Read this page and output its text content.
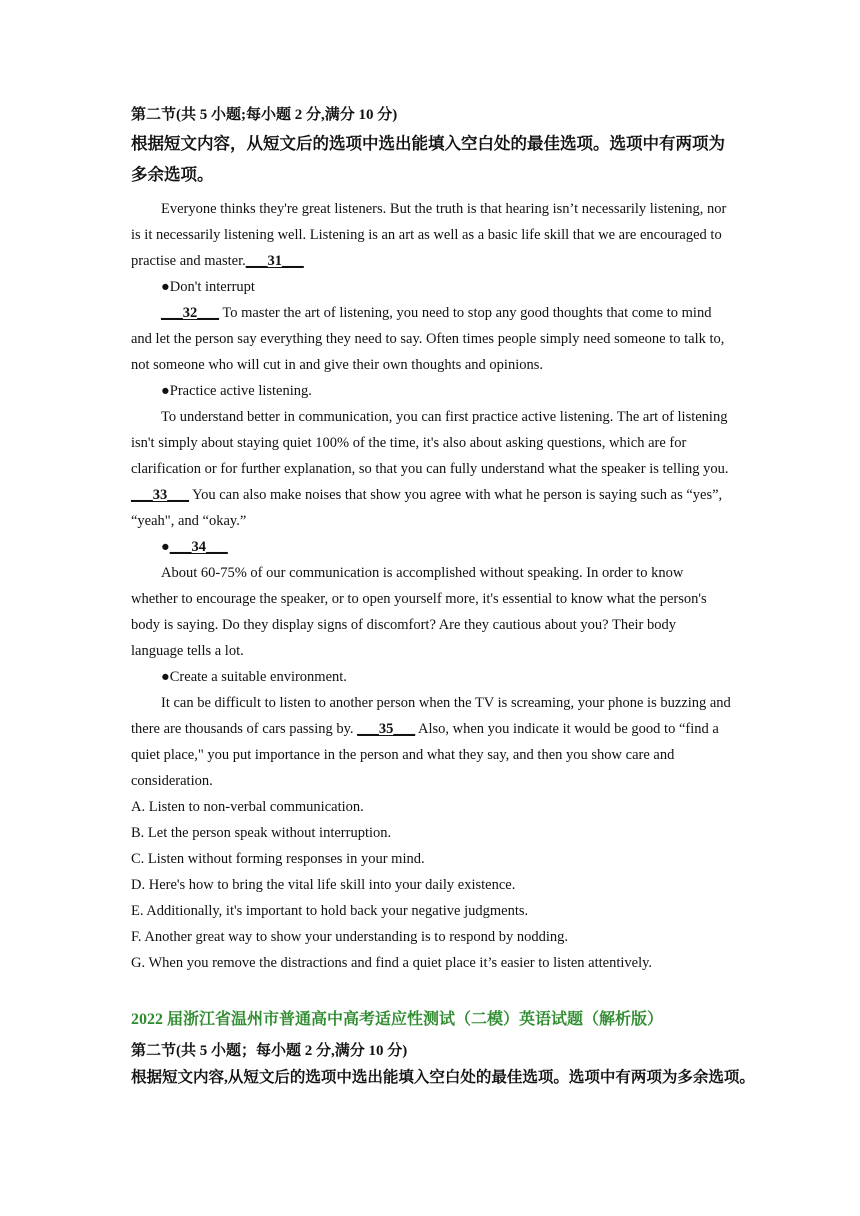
第二节(共 5 小题;每小题 2 分,满分 10 分)

根据短文内容，从短文后的选项中选出能填入空白处的最佳选项。选项中有两项为多余选项。

Everyone thinks they're great listeners. But the truth is that hearing isn’t necessarily listening, nor is it necessarily listening well. Listening is an art as well as a basic life skill that we are encouraged to practise and master.___31___

●Don't interrupt

___32___ To master the art of listening, you need to stop any good thoughts that come to mind and let the person say everything they need to say. Often times people simply need someone to talk to, not someone who will cut in and give their own thoughts and opinions.

●Practice active listening.

To understand better in communication, you can first practice active listening. The art of listening isn't simply about staying quiet 100% of the time, it's also about asking questions, which are for clarification or for further explanation, so that you can fully understand what the speaker is telling you. ___33___ You can also make noises that show you agree with what he person is saying such as “yes”, “yeah", and “okay.”

●___34___

About 60-75% of our communication is accomplished without speaking. In order to know whether to encourage the speaker, or to open yourself more, it's essential to know what the person's body is saying. Do they display signs of discomfort? Are they cautious about you? Their body language tells a lot.

●Create a suitable environment.

It can be difficult to listen to another person when the TV is screaming, your phone is buzzing and there are thousands of cars passing by. ___35___ Also, when you indicate it would be good to “find a quiet place," you put importance in the person and what they say, and then you show care and consideration.

A. Listen to non-verbal communication.

B. Let the person speak without interruption.

C. Listen without forming responses in your mind.

D. Here's how to bring the vital life skill into your daily existence.

E. Additionally, it's important to hold back your negative judgments.

F. Another great way to show your understanding is to respond by nodding.

G. When you remove the distractions and find a quiet place it’s easier to listen attentively.

2022 届浙江省温州市普通高中高考适应性测试（二模）英语试题（解析版）

第二节(共 5 小题；每小题 2 分,满分 10 分)

根据短文内容,从短文后的选项中选出能填入空白处的最佳选项。选项中有两项为多余选项。
